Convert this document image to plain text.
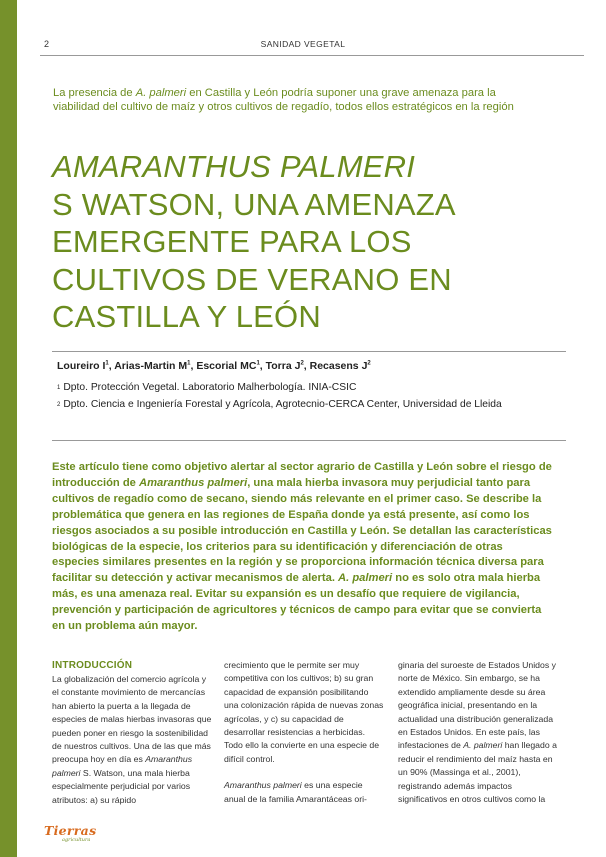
2	SANIDAD VEGETAL

La presencia de A. palmeri en Castilla y León podría suponer una grave amenaza para la viabilidad del cultivo de maíz y otros cultivos de regadío, todos ellos estratégicos en la región

AMARANTHUS PALMERI
S WATSON, UNA AMENAZA EMERGENTE PARA LOS CULTIVOS DE VERANO EN CASTILLA Y LEÓN
Loureiro $I^1$, Arias-Martin $M^1$, Escorial $MC^1$, Torra $J^2$, Recasens $J^2$
$^1$ Dpto. Protección Vegetal. Laboratorio Malherbología. INIA-CSIC
$^2$ Dpto. Ciencia e Ingeniería Forestal y Agrícola, Agrotecnio-CERCA Center, Universidad de Lleida

Este artículo tiene como objetivo alertar al sector agrario de Castilla y León sobre el riesgo de introducción de Amaranthus palmeri, una mala hierba invasora muy perjudicial tanto para cultivos de regadío como de secano, siendo más relevante en el primer caso. Se describe la problemática que genera en las regiones de España donde ya está presente, así como los riesgos asociados a su posible introducción en Castilla y León. Se detallan las características biológicas de la especie, los criterios para su identificación y diferenciación de otras especies similares presentes en la región y se proporciona información técnica diversa para facilitar su detección y activar mecanismos de alerta. A. palmeri no es solo otra mala hierba más, es una amenaza real. Evitar su expansión es un desafío que requiere de vigilancia, prevención y participación de agricultores y técnicos de campo para evitar que se convierta en un problema aún mayor.

INTRODUCCIÓN

La globalización del comercio agrícola y el constante movimiento de mercancías han abierto la puerta a la llegada de especies de malas hierbas invasoras que pueden poner en riesgo la sostenibilidad de nuestros cultivos. Una de las que más preocupa hoy en día es Amaranthus palmeri S. Watson, una mala hierba especialmente perjudicial por varios atributos: a) su rápido

crecimiento que le permite ser muy competitiva con los cultivos; b) su gran capacidad de expansión posibilitando una colonización rápida de nuevas zonas agrícolas, y c) su capacidad de desarrollar resistencias a herbicidas. Todo ello la convierte en una especie de difícil control.

Amaranthus palmeri es una especie anual de la familia Amarantáceas ori-

ginaria del suroeste de Estados Unidos y norte de México. Sin embargo, se ha extendido ampliamente desde su área geográfica inicial, presentando en la actualidad una distribución generalizada en Estados Unidos. En este país, las infestaciones de A. palmeri han llegado a reducir el rendimiento del maíz hasta en un 90% (Massinga et al., 2001), registrando además impactos significativos en otros cultivos como la

Tierras
agricultura
